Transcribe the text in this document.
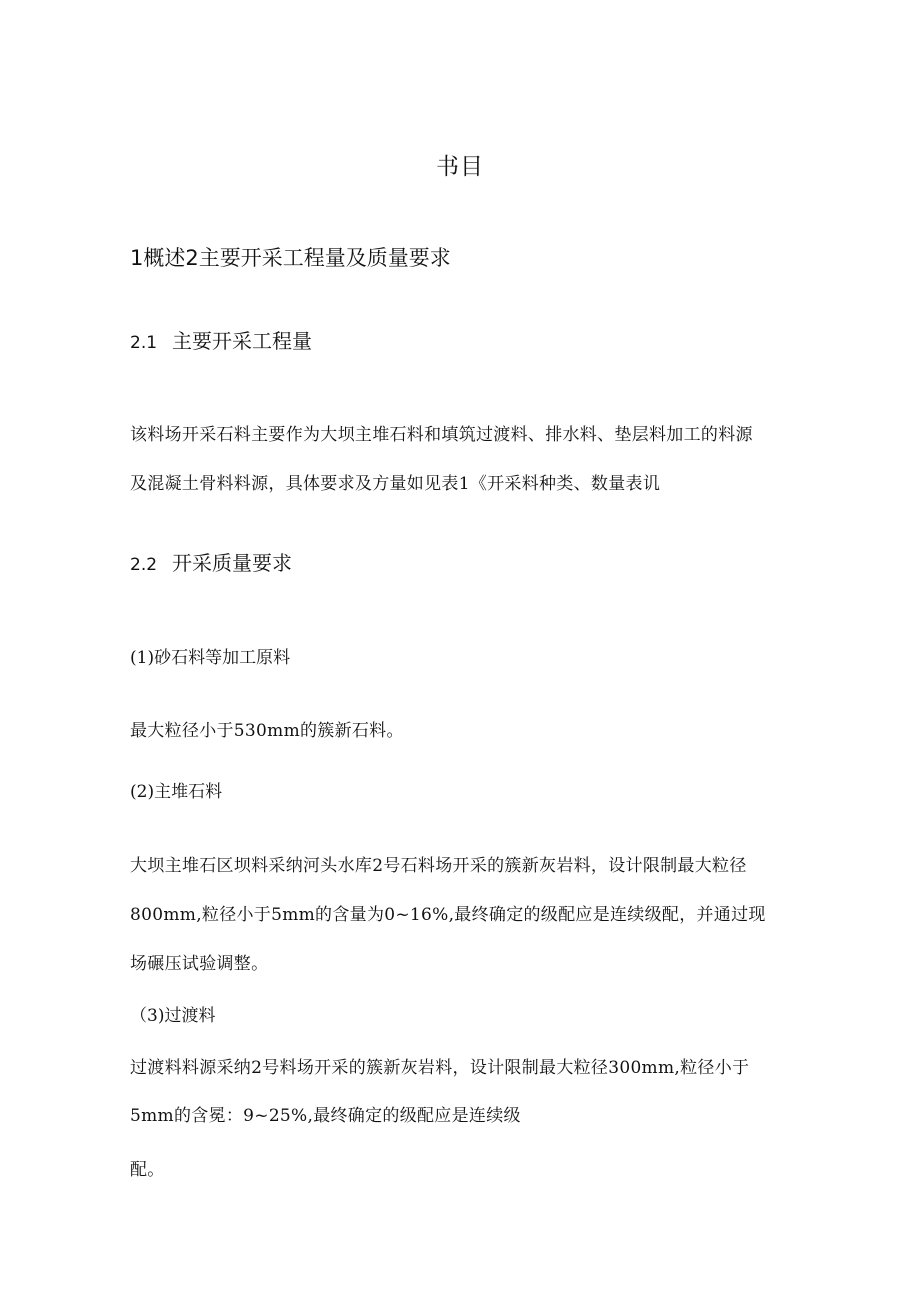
书目
1概述2主要开采工程量及质量要求
2.1 主要开采工程量
该料场开采石料主要作为大坝主堆石料和填筑过渡料、排水料、垫层料加工的料源
及混凝土骨料料源，具体要求及方量如见表1《开采料种类、数量表讥
2.2 开采质量要求
(1)砂石料等加工原料
最大粒径小于530mm的簇新石料。
(2)主堆石料
大坝主堆石区坝料采纳河头水库2号石料场开采的簇新灰岩料，设计限制最大粒径
800mm,粒径小于5mm的含量为0~16%,最终确定的级配应是连续级配，并通过现
场碾压试验调整。
（3)过渡料
过渡料料源采纳2号料场开采的簇新灰岩料，设计限制最大粒径300mm,粒径小于
5mm的含冕：9~25%,最终确定的级配应是连续级
配。
